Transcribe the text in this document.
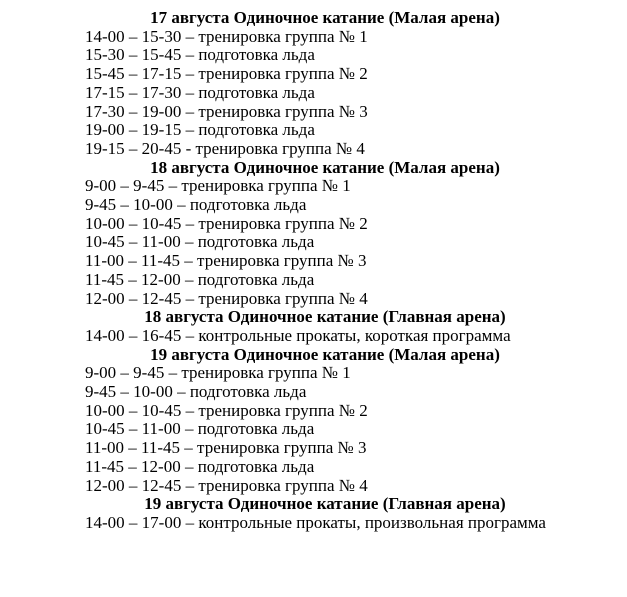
17 августа Одиночное катание (Малая арена)
14-00 – 15-30 – тренировка группа № 1
15-30 – 15-45 – подготовка льда
15-45 – 17-15 – тренировка группа № 2
17-15 – 17-30 – подготовка льда
17-30 – 19-00 – тренировка группа № 3
19-00 – 19-15 – подготовка льда
19-15 – 20-45 - тренировка группа № 4
18 августа Одиночное катание (Малая арена)
9-00 – 9-45 – тренировка группа № 1
9-45 – 10-00 – подготовка льда
10-00 – 10-45 – тренировка группа № 2
10-45 – 11-00 – подготовка льда
11-00 – 11-45 – тренировка группа № 3
11-45 – 12-00 – подготовка льда
12-00 – 12-45 – тренировка группа № 4
18 августа Одиночное катание (Главная арена)
14-00 – 16-45 – контрольные прокаты, короткая программа
19 августа Одиночное катание (Малая арена)
9-00 – 9-45 – тренировка группа № 1
9-45 – 10-00 – подготовка льда
10-00 – 10-45 – тренировка группа № 2
10-45 – 11-00 – подготовка льда
11-00 – 11-45 – тренировка группа № 3
11-45 – 12-00 – подготовка льда
12-00 – 12-45 – тренировка группа № 4
19 августа Одиночное катание (Главная арена)
14-00 – 17-00 – контрольные прокаты, произвольная программа
